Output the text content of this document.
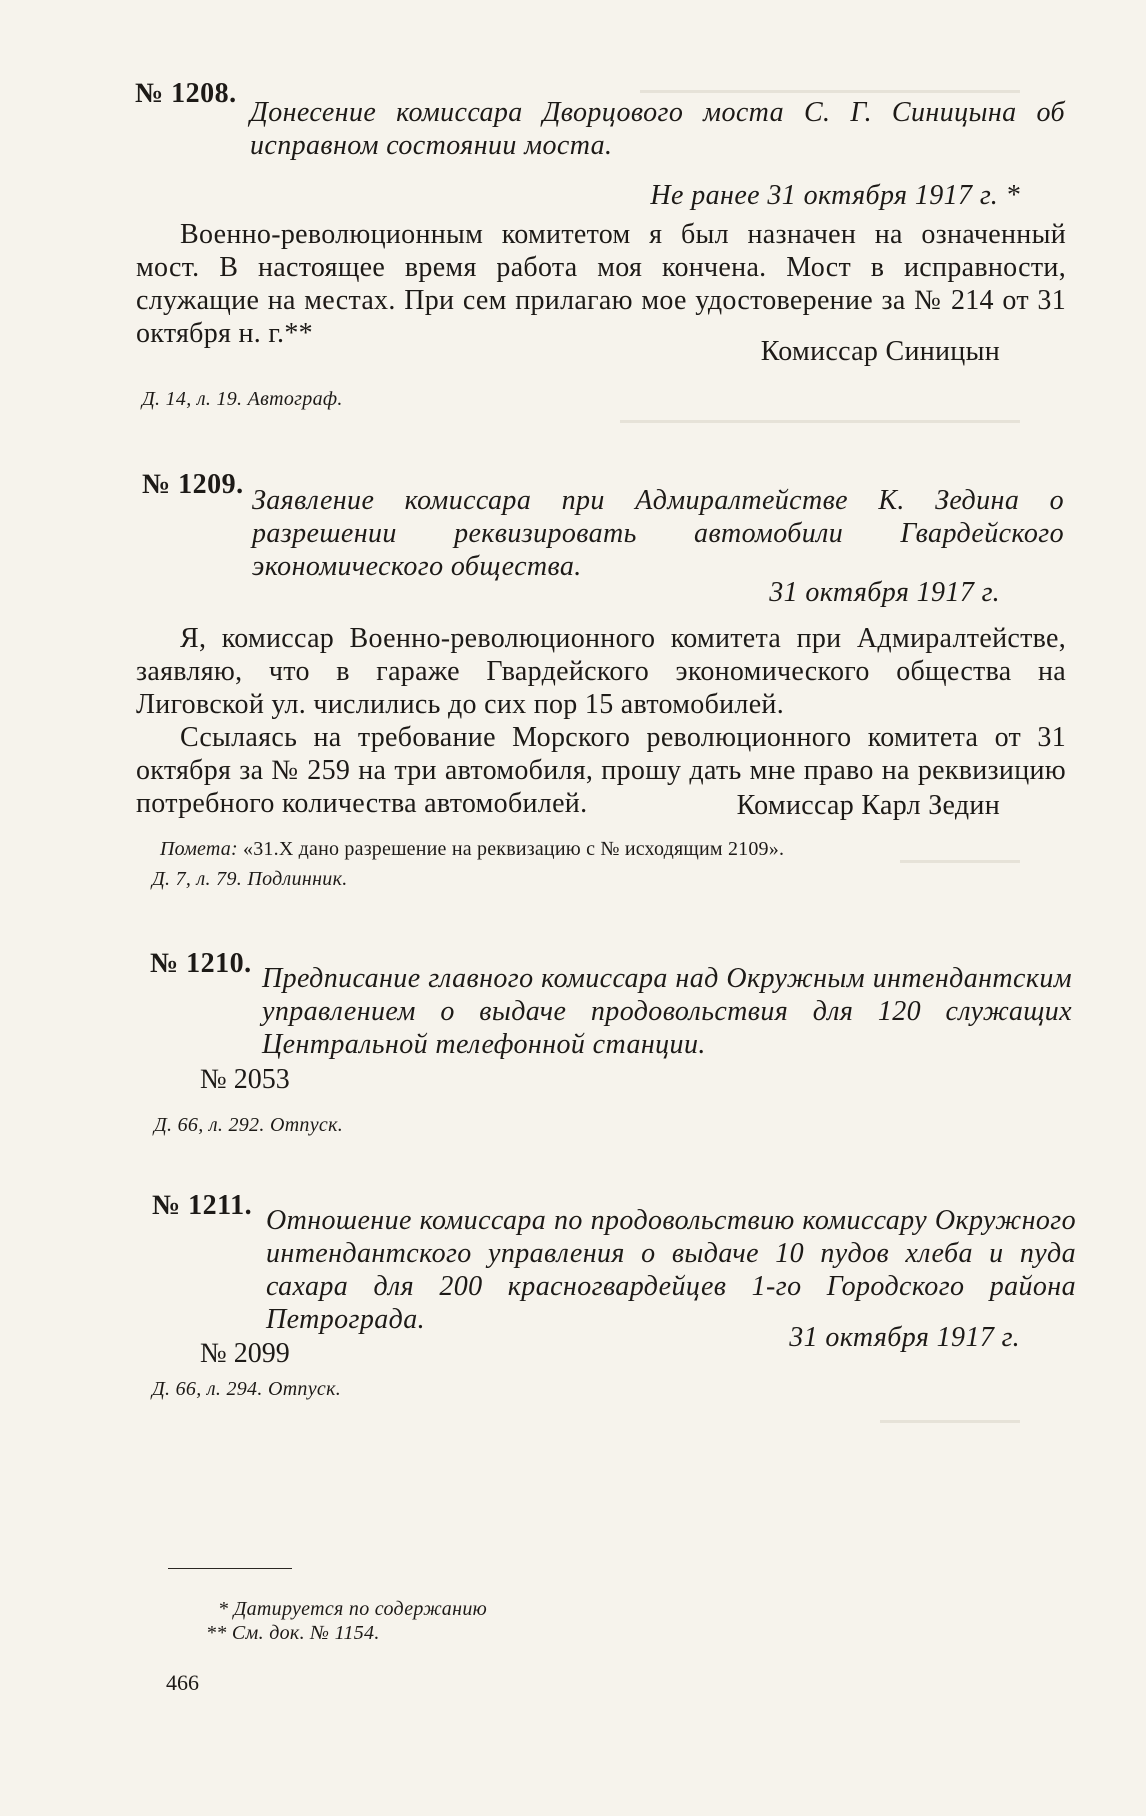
№ 1208.
Донесение комиссара Дворцового моста С. Г. Синицына об исправном состоянии моста.
Не ранее 31 октября 1917 г. *

Военно-революционным комитетом я был назначен на означенный мост. В настоящее время работа моя кончена. Мост в исправности, служащие на местах. При сем прилагаю мое удостоверение за № 214 от 31 октября н. г.**

Комиссар Синицын
Д. 14, л. 19. Автограф.
№ 1209.
Заявление комиссара при Адмиралтействе К. Зедина о разрешении реквизировать автомобили Гвардейского экономического общества.
31 октября 1917 г.

Я, комиссар Военно-революционного комитета при Адмиралтействе, заявляю, что в гараже Гвардейского экономического общества на Лиговской ул. числились до сих пор 15 автомобилей.

Ссылаясь на требование Морского революционного комитета от 31 октября за № 259 на три автомобиля, прошу дать мне право на реквизицию потребного количества автомобилей.	Комиссар Карл Зедин
Помета: «31.X дано разрешение на реквизацию с № исходящим 2109».
Д. 7, л. 79. Подлинник.
№ 1210. Предписание главного комиссара над Окружным интендантским управлением о выдаче продовольствия для 120 служащих Центральной телефонной станции.
№ 2053
Д. 66, л. 292. Отпуск.
№ 1211. Отношение комиссара по продовольствию комиссару Окружного интендантского управления о выдаче 10 пудов хлеба и пуда сахара для 200 красногвардейцев 1-го Городского района Петрограда.
№ 2099
31 октября 1917 г.
Д. 66, л. 294. Отпуск.
* Датируется по содержанию
** См. док. № 1154.
466
